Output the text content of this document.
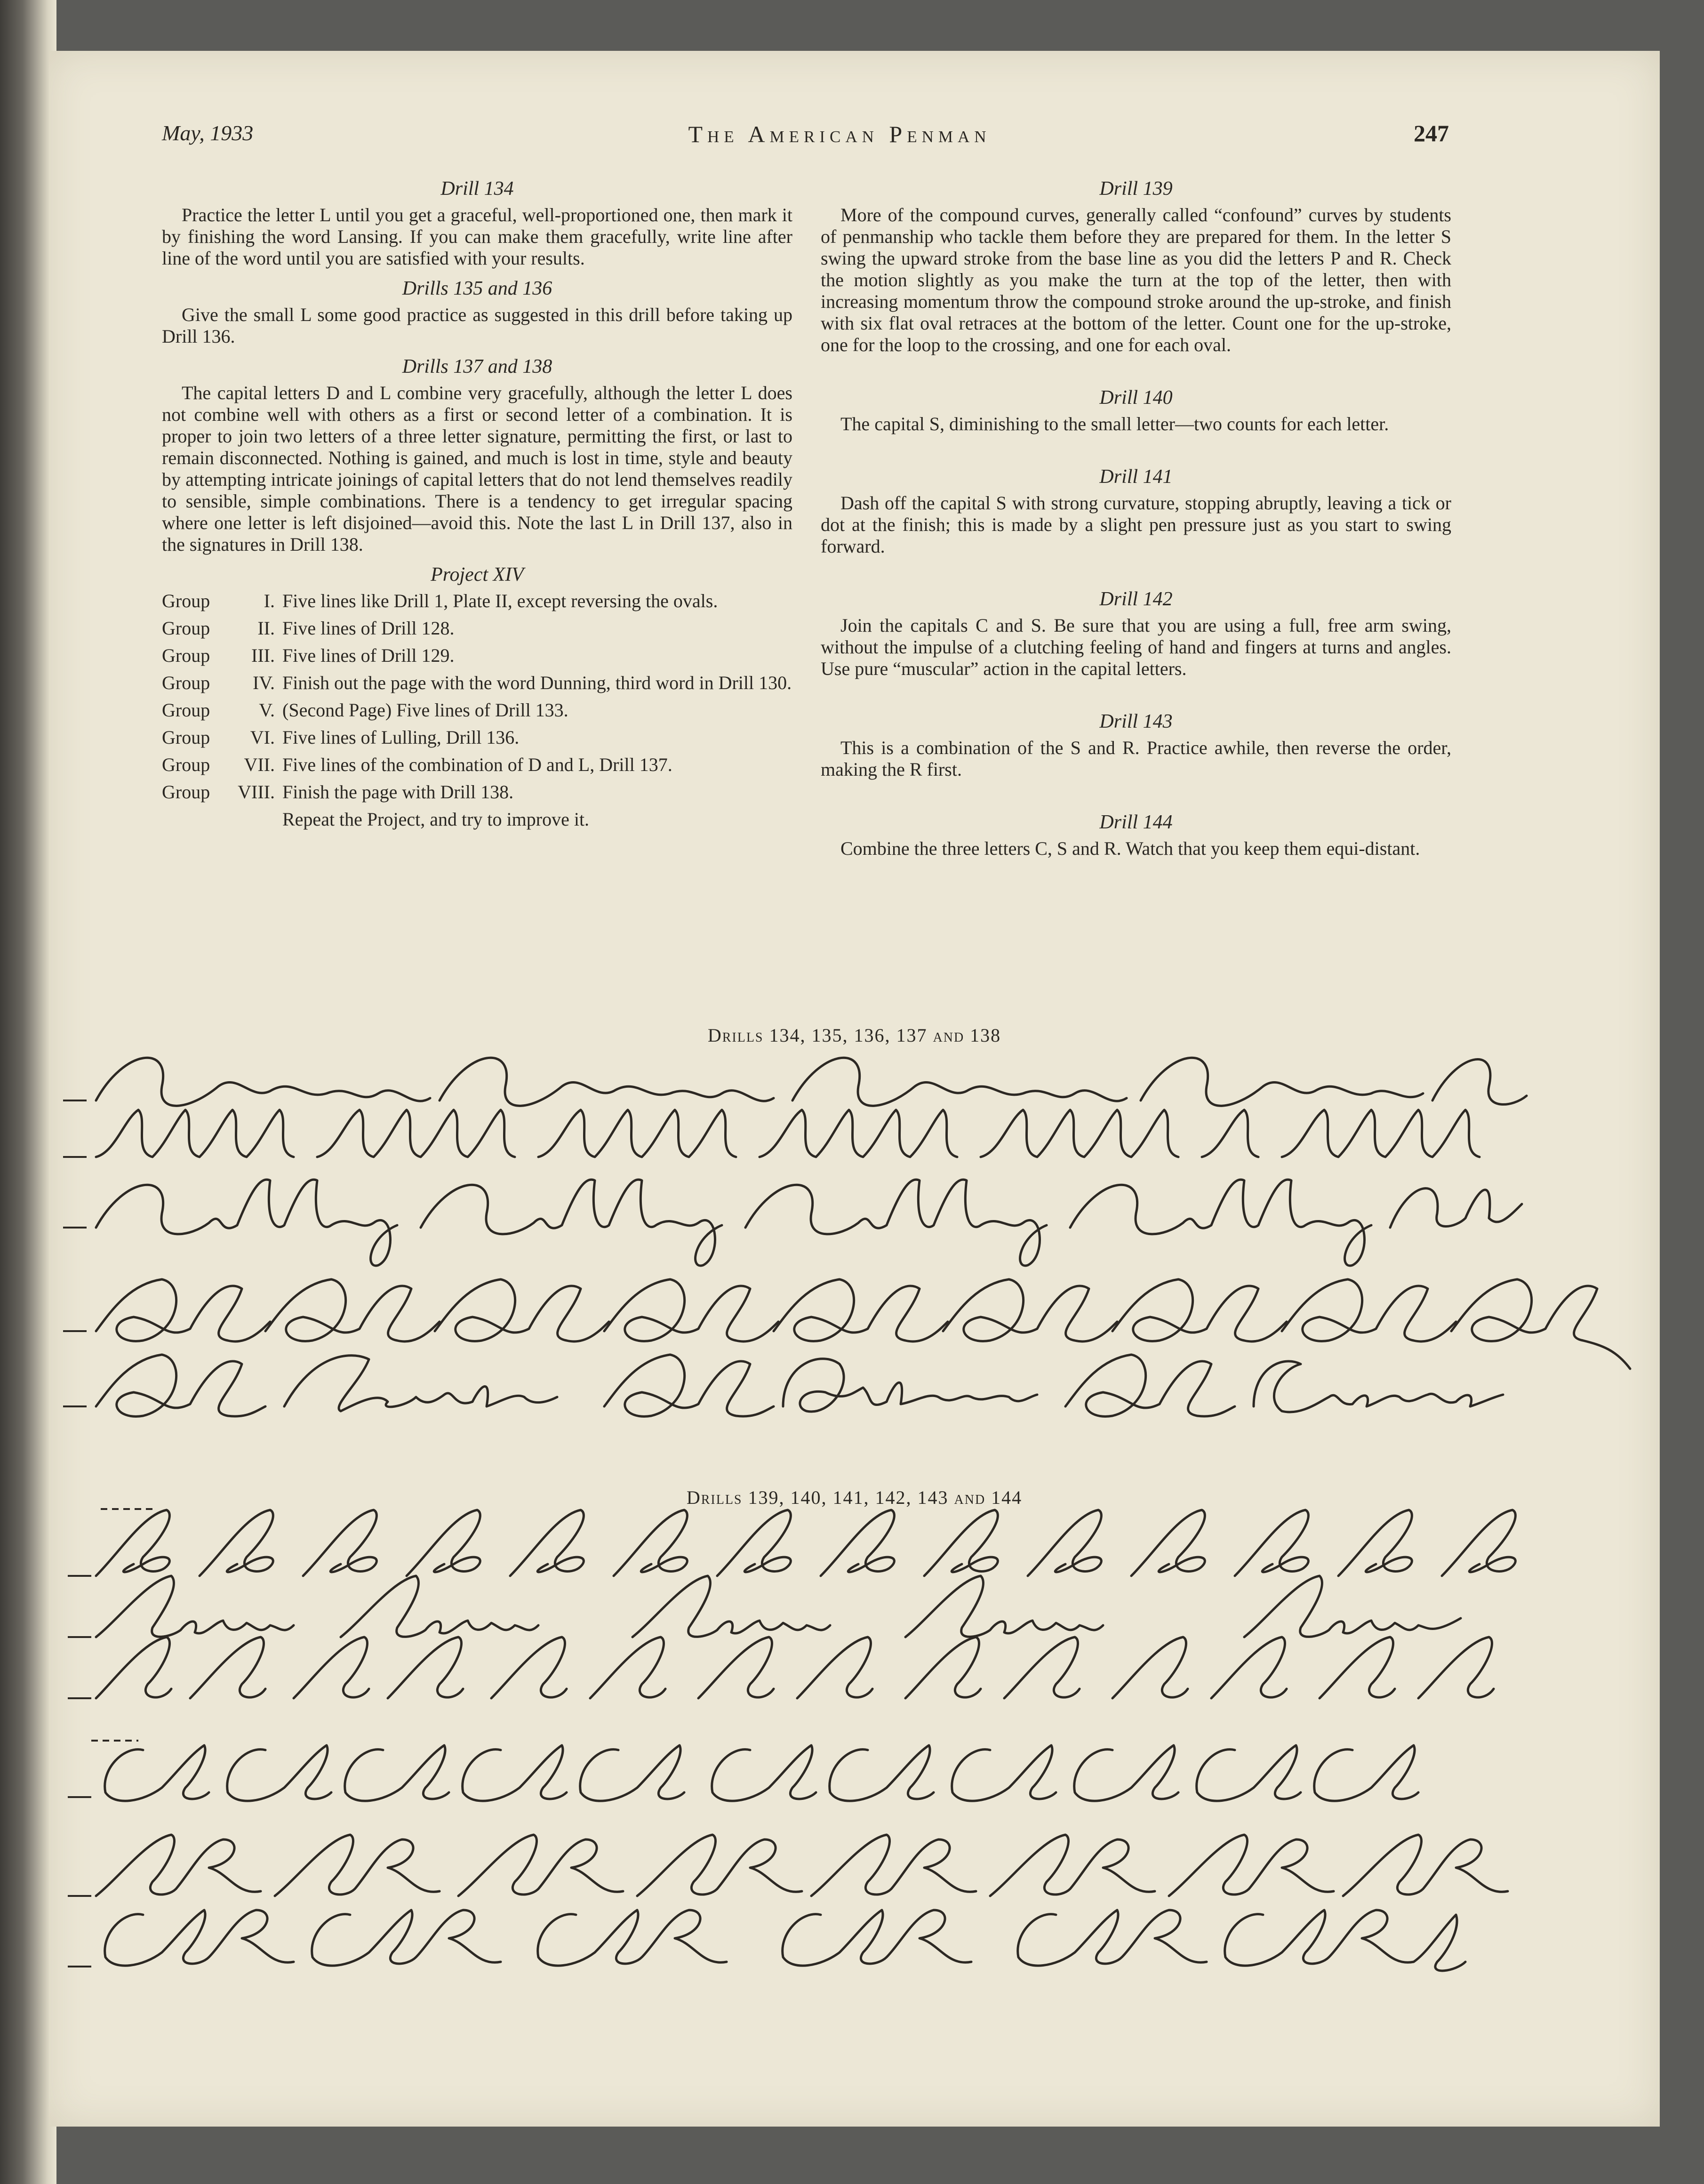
May, 1933	The American Penman	247
Drill 134

Practice the letter L until you get a graceful, well-proportioned one, then mark it by finishing the word Lansing. If you can make them gracefully, write line after line of the word until you are satisfied with your results.

Drills 135 and 136

Give the small L some good practice as suggested in this drill before taking up Drill 136.

Drills 137 and 138

The capital letters D and L combine very gracefully, although the letter L does not combine well with others as a first or second letter of a combination. It is proper to join two letters of a three letter signature, permitting the first, or last to remain disconnected. Nothing is gained, and much is lost in time, style and beauty by attempting intricate joinings of capital letters that do not lend themselves readily to sensible, simple combinations. There is a tendency to get irregular spacing where one letter is left disjoined—avoid this. Note the last L in Drill 137, also in the signatures in Drill 138.

Project XIV
Group	I. Five lines like Drill 1, Plate II, except reversing the ovals.
Group	II. Five lines of Drill 128.
Group	III. Five lines of Drill 129.
Group	IV. Finish out the page with the word Dunning, third word in Drill 130.
Group	V. (Second Page) Five lines of Drill 133.
Group	VI. Five lines of Lulling, Drill 136.
Group	VII. Five lines of the combination of D and L, Drill 137.
Group	VIII. Finish the page with Drill 138.
Repeat the Project, and try to improve it.
Drill 139

More of the compound curves, generally called “confound” curves by students of penmanship who tackle them before they are prepared for them. In the letter S swing the upward stroke from the base line as you did the letters P and R. Check the motion slightly as you make the turn at the top of the letter, then with increasing momentum throw the compound stroke around the up-stroke, and finish with six flat oval retraces at the bottom of the letter. Count one for the up-stroke, one for the loop to the crossing, and one for each oval.

Drill 140

The capital S, diminishing to the small letter—two counts for each letter.

Drill 141

Dash off the capital S with strong curvature, stopping abruptly, leaving a tick or dot at the finish; this is made by a slight pen pressure just as you start to swing forward.

Drill 142

Join the capitals C and S. Be sure that you are using a full, free arm swing, without the impulse of a clutching feeling of hand and fingers at turns and angles. Use pure “muscular” action in the capital letters.

Drill 143

This is a combination of the S and R. Practice awhile, then reverse the order, making the R first.

Drill 144

Combine the three letters C, S and R. Watch that you keep them equi-distant.

Drills 134, 135, 136, 137 and 138
Drills 139, 140, 141, 142, 143 and 144
